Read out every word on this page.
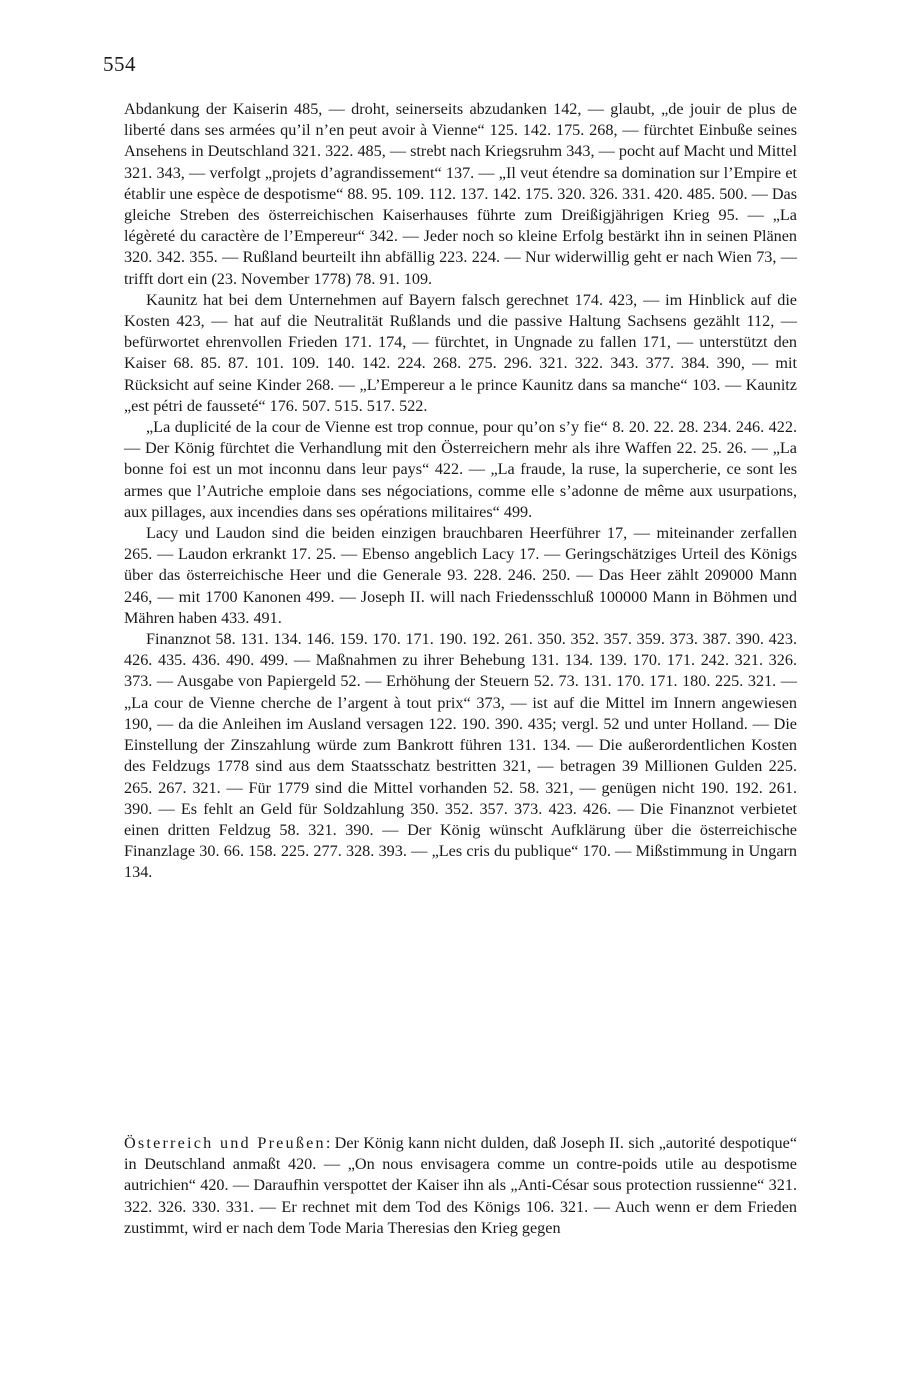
554

Abdankung der Kaiserin 485, — droht, seinerseits abzudanken 142, — glaubt, „de jouir de plus de liberté dans ses armées qu’il n’en peut avoir à Vienne“ 125. 142. 175. 268, — fürchtet Einbuße seines Ansehens in Deutschland 321. 322. 485, — strebt nach Kriegsruhm 343, — pocht auf Macht und Mittel 321. 343, — verfolgt „projets d’agrandissement“ 137. — „Il veut étendre sa domination sur l’Empire et établir une espèce de despotisme“ 88. 95. 109. 112. 137. 142. 175. 320. 326. 331. 420. 485. 500. — Das gleiche Streben des österreichischen Kaiserhauses führte zum Dreißigjährigen Krieg 95. — „La légèreté du caractère de l’Empereur“ 342. — Jeder noch so kleine Erfolg bestärkt ihn in seinen Plänen 320. 342. 355. — Rußland beurteilt ihn abfällig 223. 224. — Nur widerwillig geht er nach Wien 73, — trifft dort ein (23. November 1778) 78. 91. 109.

Kaunitz hat bei dem Unternehmen auf Bayern falsch gerechnet 174. 423, — im Hinblick auf die Kosten 423, — hat auf die Neutralität Rußlands und die passive Haltung Sachsens gezählt 112, — befürwortet ehrenvollen Frieden 171. 174, — fürchtet, in Ungnade zu fallen 171, — unterstützt den Kaiser 68. 85. 87. 101. 109. 140. 142. 224. 268. 275. 296. 321. 322. 343. 377. 384. 390, — mit Rücksicht auf seine Kinder 268. — „L’Empereur a le prince Kaunitz dans sa manche“ 103. — Kaunitz „est pétri de fausseté“ 176. 507. 515. 517. 522.

„La duplicité de la cour de Vienne est trop connue, pour qu’on s’y fie“ 8. 20. 22. 28. 234. 246. 422. — Der König fürchtet die Verhandlung mit den Österreichern mehr als ihre Waffen 22. 25. 26. — „La bonne foi est un mot inconnu dans leur pays“ 422. — „La fraude, la ruse, la supercherie, ce sont les armes que l’Autriche emploie dans ses négociations, comme elle s’adonne de même aux usurpations, aux pillages, aux incendies dans ses opérations militaires“ 499.

Lacy und Laudon sind die beiden einzigen brauchbaren Heerführer 17, — miteinander zerfallen 265. — Laudon erkrankt 17. 25. — Ebenso angeblich Lacy 17. — Geringschätziges Urteil des Königs über das österreichische Heer und die Generale 93. 228. 246. 250. — Das Heer zählt 209000 Mann 246, — mit 1700 Kanonen 499. — Joseph II. will nach Friedensschluß 100000 Mann in Böhmen und Mähren haben 433. 491.

Finanznot 58. 131. 134. 146. 159. 170. 171. 190. 192. 261. 350. 352. 357. 359. 373. 387. 390. 423. 426. 435. 436. 490. 499. — Maßnahmen zu ihrer Behebung 131. 134. 139. 170. 171. 242. 321. 326. 373. — Ausgabe von Papiergeld 52. — Erhöhung der Steuern 52. 73. 131. 170. 171. 180. 225. 321. — „La cour de Vienne cherche de l’argent à tout prix“ 373, — ist auf die Mittel im Innern angewiesen 190, — da die Anleihen im Ausland versagen 122. 190. 390. 435; vergl. 52 und unter Holland. — Die Einstellung der Zinszahlung würde zum Bankrott führen 131. 134. — Die außerordentlichen Kosten des Feldzugs 1778 sind aus dem Staatsschatz bestritten 321, — betragen 39 Millionen Gulden 225. 265. 267. 321. — Für 1779 sind die Mittel vorhanden 52. 58. 321, — genügen nicht 190. 192. 261. 390. — Es fehlt an Geld für Soldzahlung 350. 352. 357. 373. 423. 426. — Die Finanznot verbietet einen dritten Feldzug 58. 321. 390. — Der König wünscht Aufklärung über die österreichische Finanzlage 30. 66. 158. 225. 277. 328. 393. — „Les cris du publique“ 170. — Mißstimmung in Ungarn 134.

Österreich und Preußen: Der König kann nicht dulden, daß Joseph II. sich „autorité despotique“ in Deutschland anmaßt 420. — „On nous envisagera comme un contre-poids utile au despotisme autrichien“ 420. — Daraufhin verspottet der Kaiser ihn als „Anti-César sous protection russienne“ 321. 322. 326. 330. 331. — Er rechnet mit dem Tod des Königs 106. 321. — Auch wenn er dem Frieden zustimmt, wird er nach dem Tode Maria Theresias den Krieg gegen
